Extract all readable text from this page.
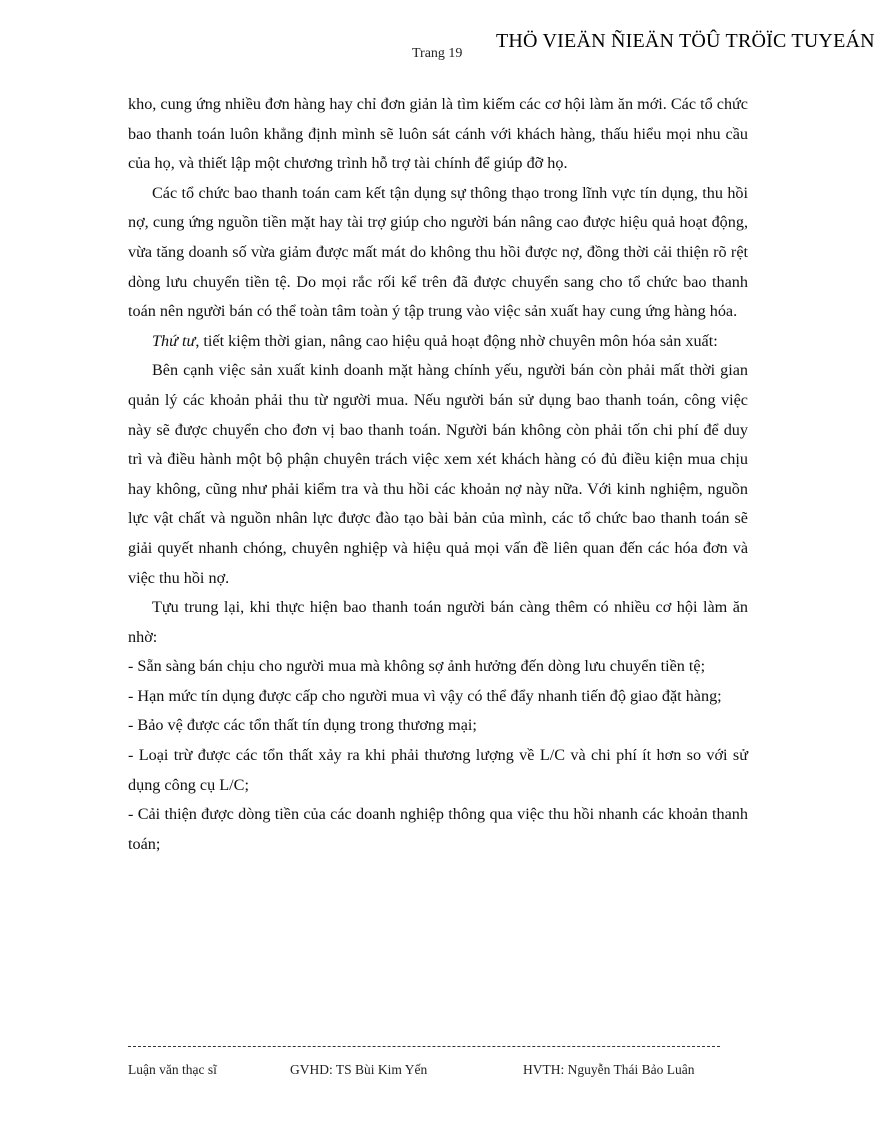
Trang 19
THÖ VIEÄN ÑIEÄN TÖÛ TRÖÏC TUYEÁN

kho, cung ứng nhiều đơn hàng hay chỉ đơn giản là tìm kiếm các cơ hội làm ăn mới. Các tổ chức bao thanh toán luôn khẳng định mình sẽ luôn sát cánh với khách hàng, thấu hiểu mọi nhu cầu của họ, và thiết lập một chương trình hỗ trợ tài chính để giúp đỡ họ.

Các tổ chức bao thanh toán cam kết tận dụng sự thông thạo trong lĩnh vực tín dụng, thu hồi nợ, cung ứng nguồn tiền mặt hay tài trợ giúp cho người bán nâng cao được hiệu quả hoạt động, vừa tăng doanh số vừa giảm được mất mát do không thu hồi được nợ, đồng thời cải thiện rõ rệt dòng lưu chuyển tiền tệ. Do mọi rắc rối kể trên đã được chuyển sang cho tổ chức bao thanh toán nên người bán có thể toàn tâm toàn ý tập trung vào việc sản xuất hay cung ứng hàng hóa.

Thứ tư, tiết kiệm thời gian, nâng cao hiệu quả hoạt động nhờ chuyên môn hóa sản xuất:

Bên cạnh việc sản xuất kinh doanh mặt hàng chính yếu, người bán còn phải mất thời gian quản lý các khoản phải thu từ người mua. Nếu người bán sử dụng bao thanh toán, công việc này sẽ được chuyển cho đơn vị bao thanh toán. Người bán không còn phải tốn chi phí để duy trì và điều hành một bộ phận chuyên trách việc xem xét khách hàng có đủ điều kiện mua chịu hay không, cũng như phải kiểm tra và thu hồi các khoản nợ này nữa. Với kinh nghiệm, nguồn lực vật chất và nguồn nhân lực được đào tạo bài bản của mình, các tổ chức bao thanh toán sẽ giải quyết nhanh chóng, chuyên nghiệp và hiệu quả mọi vấn đề liên quan đến các hóa đơn và việc thu hồi nợ.

Tựu trung lại, khi thực hiện bao thanh toán người bán càng thêm có nhiều cơ hội làm ăn nhờ:

- Sẵn sàng bán chịu cho người mua mà không sợ ảnh hưởng đến dòng lưu chuyển tiền tệ;

- Hạn mức tín dụng được cấp cho người mua vì vậy có thể đẩy nhanh tiến độ giao đặt hàng;

- Bảo vệ được các tổn thất tín dụng trong thương mại;

- Loại trừ được các tổn thất xảy ra khi phải thương lượng về L/C và chi phí ít hơn so với sử dụng công cụ L/C;

- Cải thiện được dòng tiền của các doanh nghiệp thông qua việc thu hồi nhanh các khoản thanh toán;

Luận văn thạc sĩ	GVHD: TS Bùi Kim Yến	HVTH: Nguyễn Thái Bảo Luân
